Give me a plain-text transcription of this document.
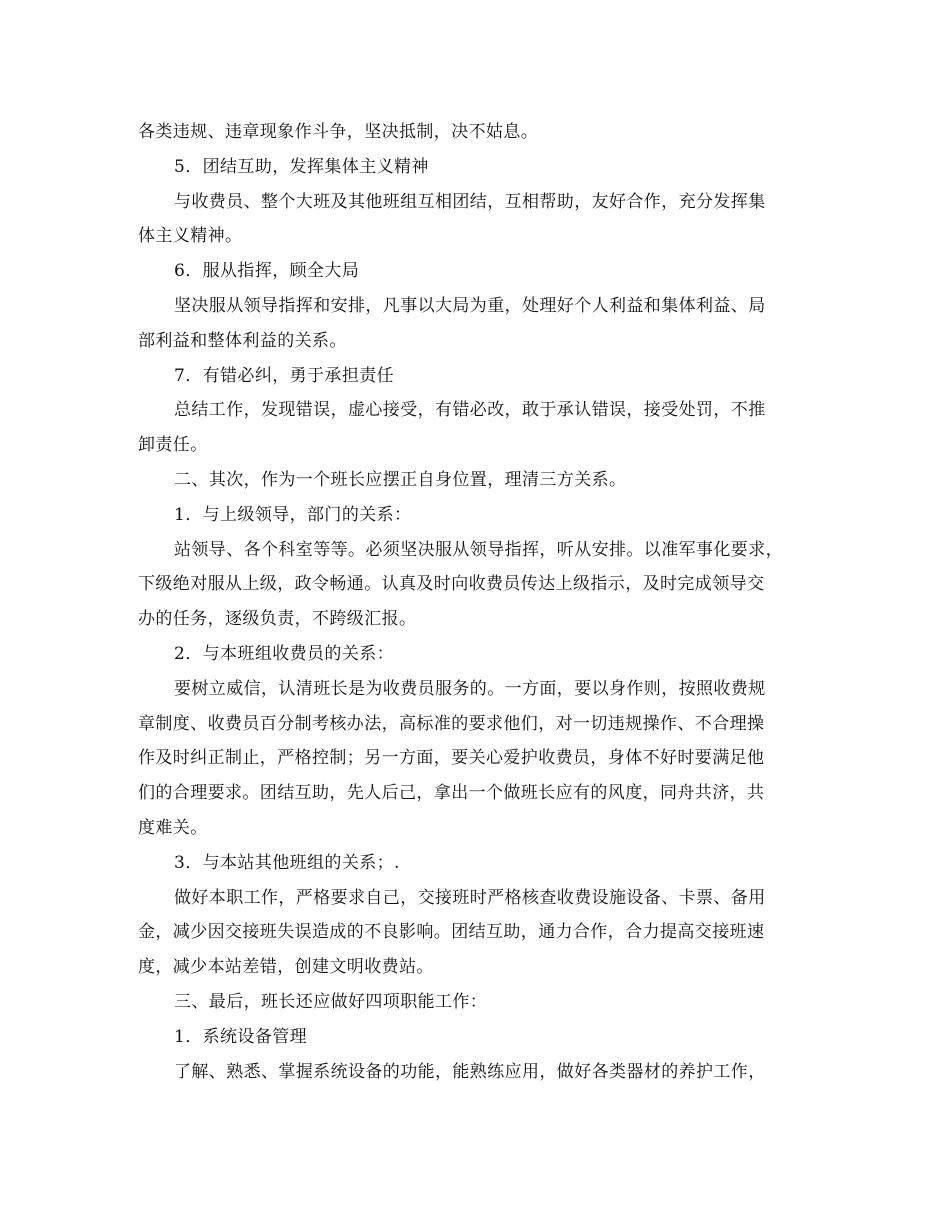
各类违规、违章现象作斗争，坚决抵制，决不姑息。
5．团结互助，发挥集体主义精神
与收费员、整个大班及其他班组互相团结，互相帮助，友好合作，充分发挥集
体主义精神。
6．服从指挥，顾全大局
坚决服从领导指挥和安排，凡事以大局为重，处理好个人利益和集体利益、局
部利益和整体利益的关系。
7．有错必纠，勇于承担责任
总结工作，发现错误，虚心接受，有错必改，敢于承认错误，接受处罚，不推
卸责任。
二、其次，作为一个班长应摆正自身位置，理清三方关系。
1．与上级领导，部门的关系：
站领导、各个科室等等。必须坚决服从领导指挥，听从安排。以准军事化要求，
下级绝对服从上级，政令畅通。认真及时向收费员传达上级指示，及时完成领导交
办的任务，逐级负责，不跨级汇报。
2．与本班组收费员的关系：
要树立威信，认清班长是为收费员服务的。一方面，要以身作则，按照收费规
章制度、收费员百分制考核办法，高标准的要求他们，对一切违规操作、不合理操
作及时纠正制止，严格控制；另一方面，要关心爱护收费员，身体不好时要满足他
们的合理要求。团结互助，先人后己，拿出一个做班长应有的风度，同舟共济，共
度难关。
3．与本站其他班组的关系；.
做好本职工作，严格要求自己，交接班时严格核查收费设施设备、卡票、备用
金，减少因交接班失误造成的不良影响。团结互助，通力合作，合力提高交接班速
度，减少本站差错，创建文明收费站。
三、最后，班长还应做好四项职能工作：
1．系统设备管理
了解、熟悉、掌握系统设备的功能，能熟练应用，做好各类器材的养护工作，
